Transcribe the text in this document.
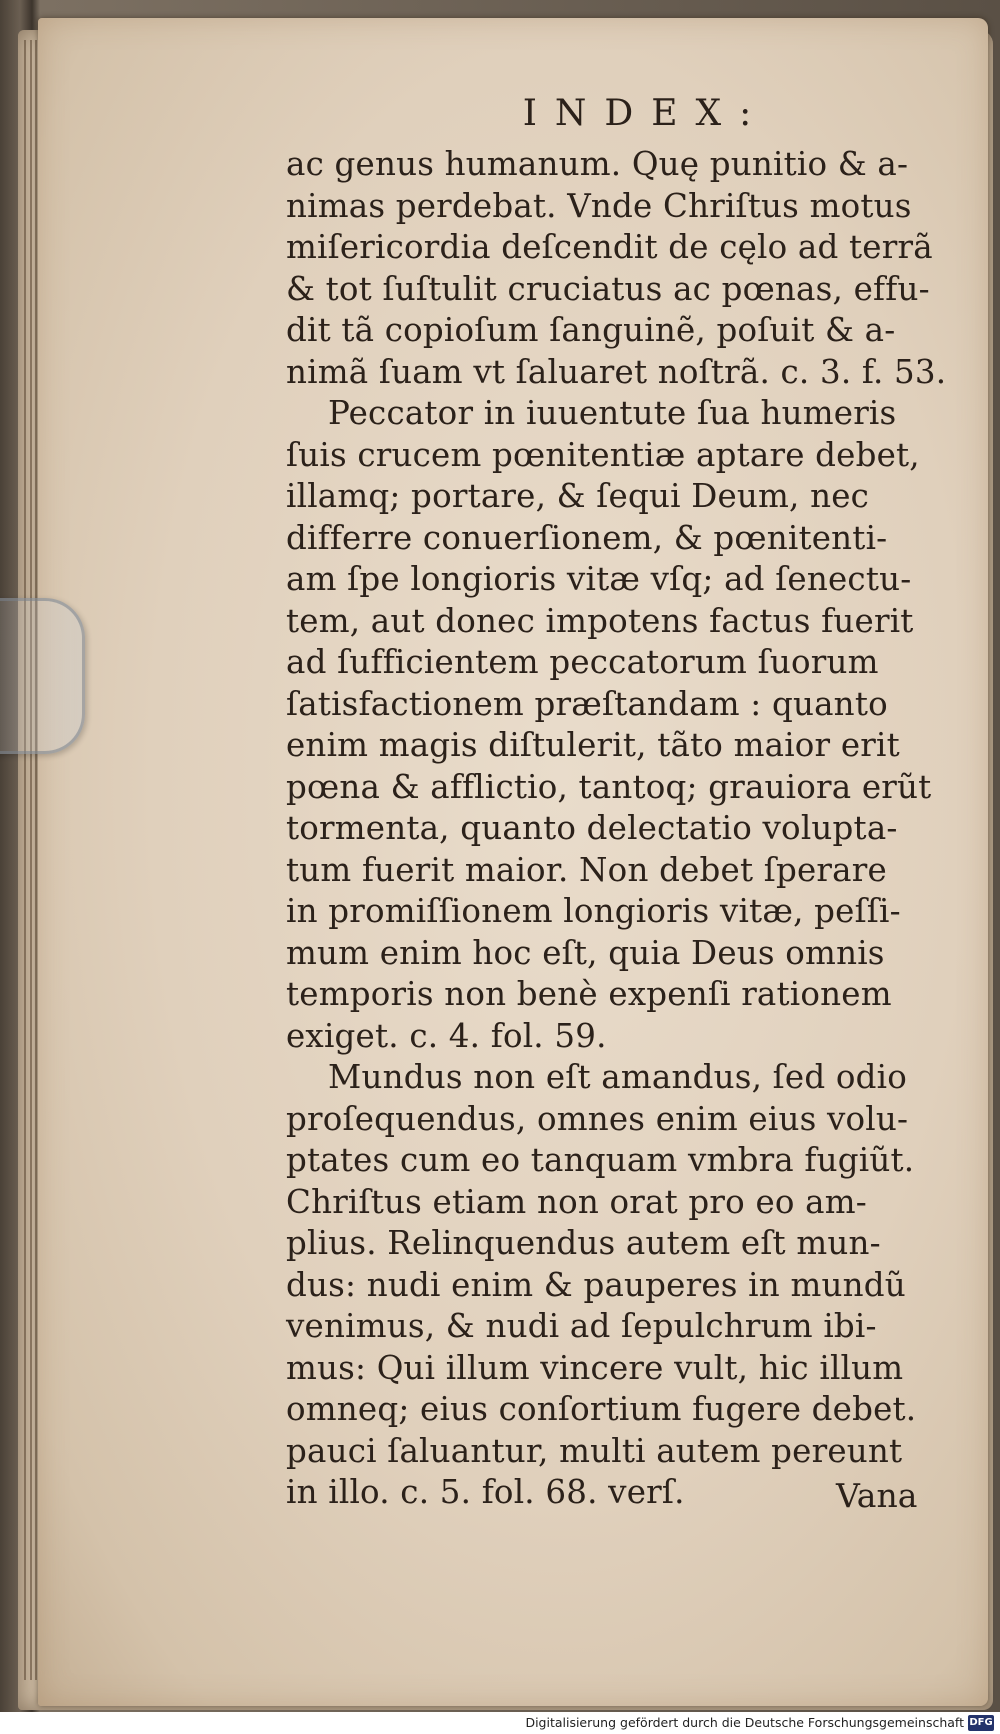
INDEX:
ac genus humanum. Quę punitio & a-
nimas perdebat. Vnde Chriſtus motus
miſericordia deſcendit de cęlo ad terrã
& tot ſuſtulit cruciatus ac pœnas, effu-
dit tã copioſum ſanguinẽ, poſuit & a-
nimã ſuam vt ſaluaret noſtrã. c. 3. f. 53.
Peccator in iuuentute ſua humeris
ſuis crucem pœnitentiæ aptare debet,
illamq; portare, & ſequi Deum, nec
differre conuerſionem, & pœnitenti-
am ſpe longioris vitæ vſq; ad ſenectu-
tem, aut donec impotens factus fuerit
ad ſufficientem peccatorum ſuorum
ſatisfactionem præſtandam : quanto
enim magis diſtulerit, tãto maior erit
pœna & afflictio, tantoq; grauiora erũt
tormenta, quanto delectatio volupta-
tum fuerit maior. Non debet ſperare
in promiſſionem longioris vitæ, peſſi-
mum enim hoc eſt, quia Deus omnis
temporis non benè expenſi rationem
exiget. c. 4. fol. 59.
Mundus non eſt amandus, ſed odio
proſequendus, omnes enim eius volu-
ptates cum eo tanquam vmbra fugiũt.
Chriſtus etiam non orat pro eo am-
plius. Relinquendus autem eſt mun-
dus: nudi enim & pauperes in mundũ
venimus, & nudi ad ſepulchrum ibi-
mus: Qui illum vincere vult, hic illum
omneq; eius conſortium fugere debet.
pauci ſaluantur, multi autem pereunt
in illo. c. 5. fol. 68. verſ.	Vana
Digitalisierung gefördert durch die Deutsche Forschungsgemeinschaft DFG
